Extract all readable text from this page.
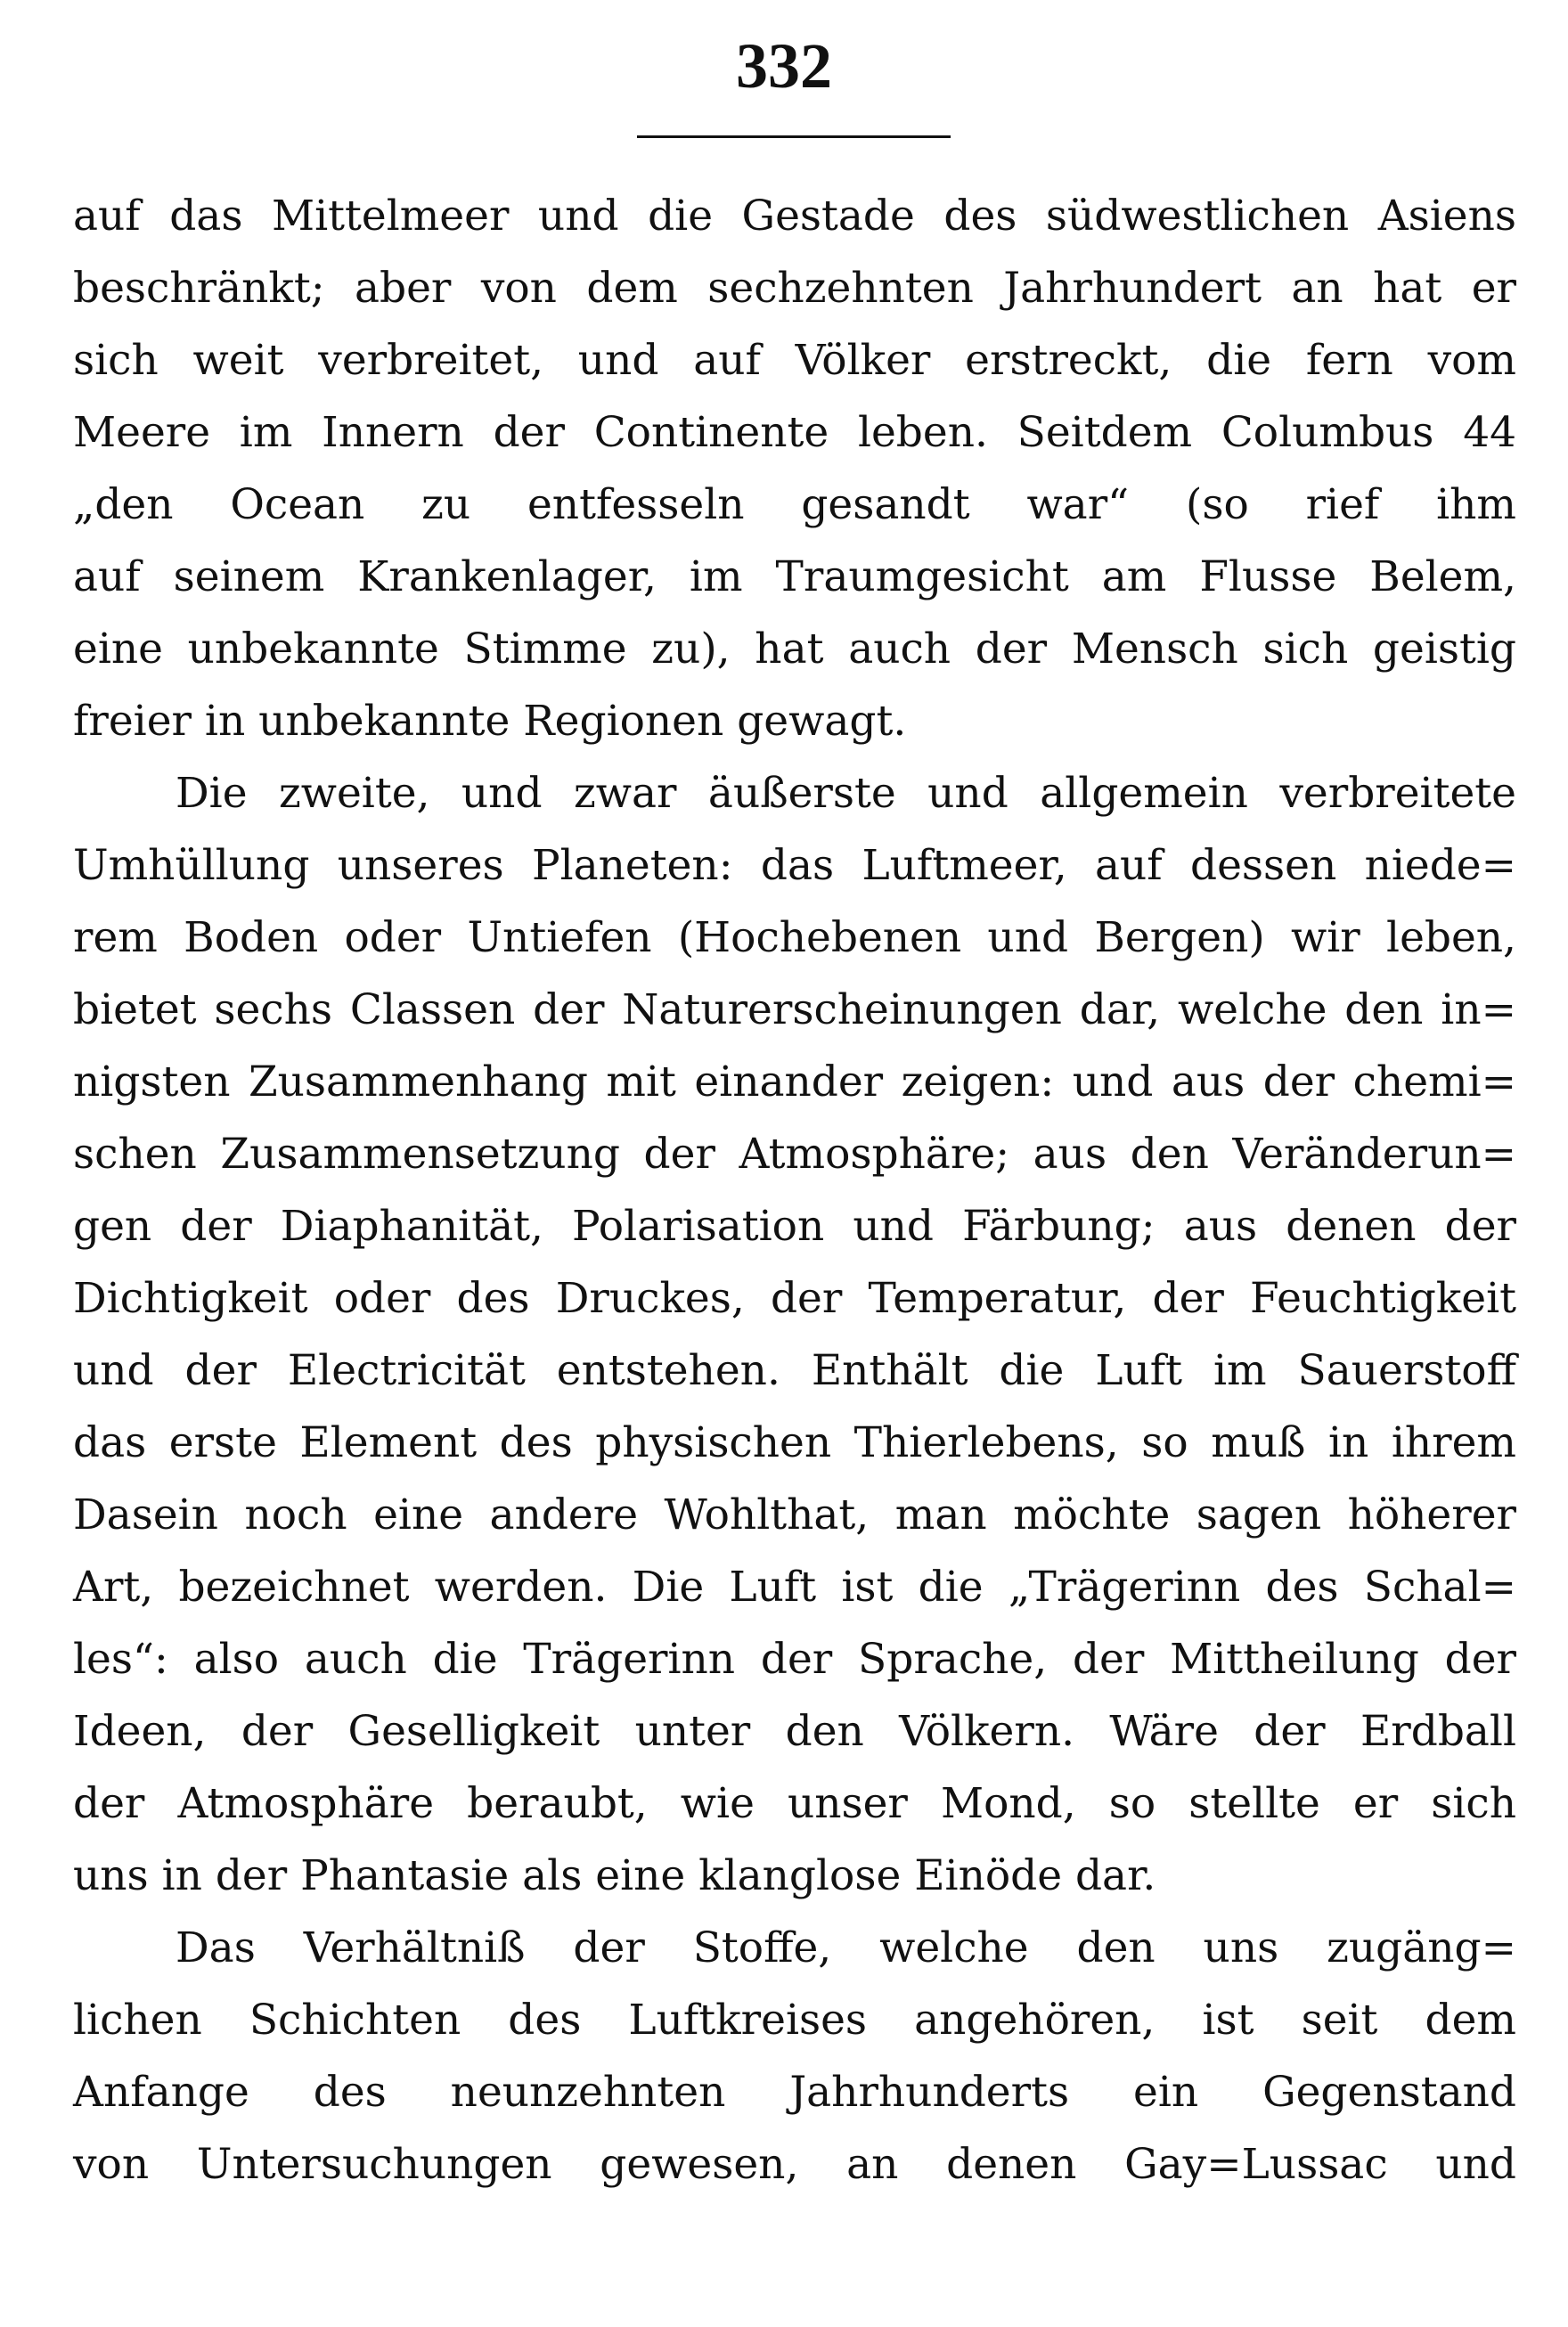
332
auf das Mittelmeer und die Gestade des südwestlichen Asiens
beschränkt; aber von dem sechzehnten Jahrhundert an hat er
sich weit verbreitet, und auf Völker erstreckt, die fern vom
Meere im Innern der Continente leben. Seitdem Columbus 44
„den Ocean zu entfesseln gesandt war“ (so rief ihm
auf seinem Krankenlager, im Traumgesicht am Flusse Belem,
eine unbekannte Stimme zu), hat auch der Mensch sich geistig
freier in unbekannte Regionen gewagt.
Die zweite, und zwar äußerste und allgemein verbreitete
Umhüllung unseres Planeten: das Luftmeer, auf dessen niede=
rem Boden oder Untiefen (Hochebenen und Bergen) wir leben,
bietet sechs Classen der Naturerscheinungen dar, welche den in=
nigsten Zusammenhang mit einander zeigen: und aus der chemi=
schen Zusammensetzung der Atmosphäre; aus den Veränderun=
gen der Diaphanität, Polarisation und Färbung; aus denen der
Dichtigkeit oder des Druckes, der Temperatur, der Feuchtigkeit
und der Electricität entstehen. Enthält die Luft im Sauerstoff
das erste Element des physischen Thierlebens, so muß in ihrem
Dasein noch eine andere Wohlthat, man möchte sagen höherer
Art, bezeichnet werden. Die Luft ist die „Trägerinn des Schal=
les“: also auch die Trägerinn der Sprache, der Mittheilung der
Ideen, der Geselligkeit unter den Völkern. Wäre der Erdball
der Atmosphäre beraubt, wie unser Mond, so stellte er sich
uns in der Phantasie als eine klanglose Einöde dar.
Das Verhältniß der Stoffe, welche den uns zugäng=
lichen Schichten des Luftkreises angehören, ist seit dem
Anfange des neunzehnten Jahrhunderts ein Gegenstand
von Untersuchungen gewesen, an denen Gay=Lussac und
